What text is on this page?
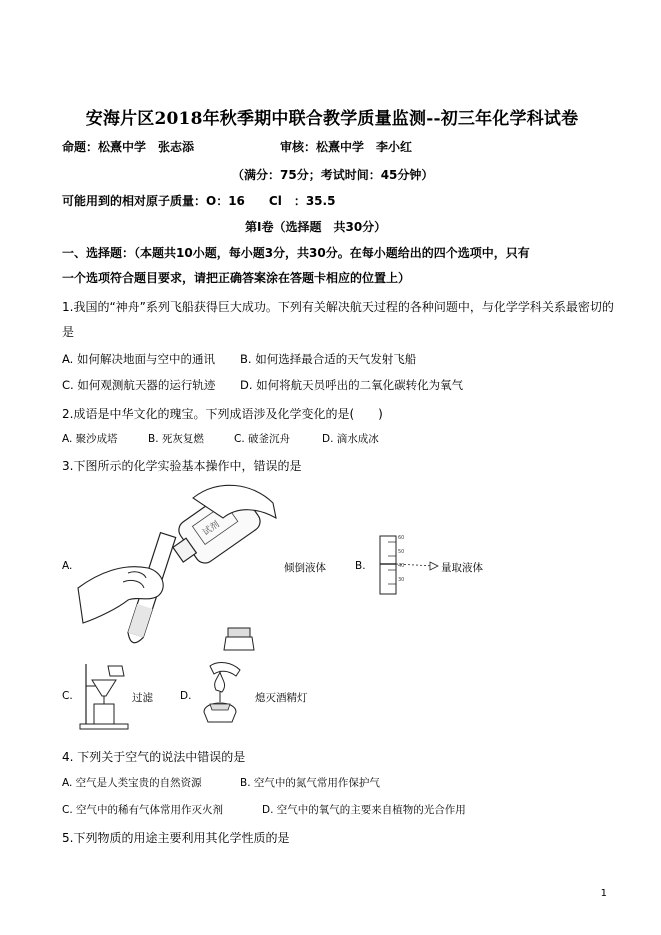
安海片区2018年秋季期中联合教学质量监测--初三年化学科试卷
命题：松熹中学　张志添	审核：松熹中学　李小红
（满分：75分；考试时间：45分钟）
可能用到的相对原子质量：O：16　　Cl　：35.5
第Ⅰ卷（选择题　共30分）
一、选择题：（本题共10小题，每小题3分，共30分。在每小题给出的四个选项中，只有
一个选项符合题目要求，请把正确答案涂在答题卡相应的位置上）
1.我国的“神舟”系列飞船获得巨大成功。下列有关解决航天过程的各种问题中，与化学学科关系最密切的
是
A. 如何解决地面与空中的通讯 B. 如何选择最合适的天气发射飞船
C. 如何观测航天器的运行轨迹 D. 如何将航天员呼出的二氧化碳转化为氧气
2.成语是中华文化的瑰宝。下列成语涉及化学变化的是(　　)
A. 聚沙成塔	B. 死灰复燃	C. 破釜沉舟	D. 滴水成冰
3.下图所示的化学实验基本操作中，错误的是
A.
试剂
倾倒液体	B.
60
50
40
30
量取液体
C.	过滤	D.	熄灭酒精灯
4. 下列关于空气的说法中错误的是
A. 空气是人类宝贵的自然资源	B. 空气中的氮气常用作保护气
C. 空气中的稀有气体常用作灭火剂	D. 空气中的氧气的主要来自植物的光合作用
5.下列物质的用途主要利用其化学性质的是
1
